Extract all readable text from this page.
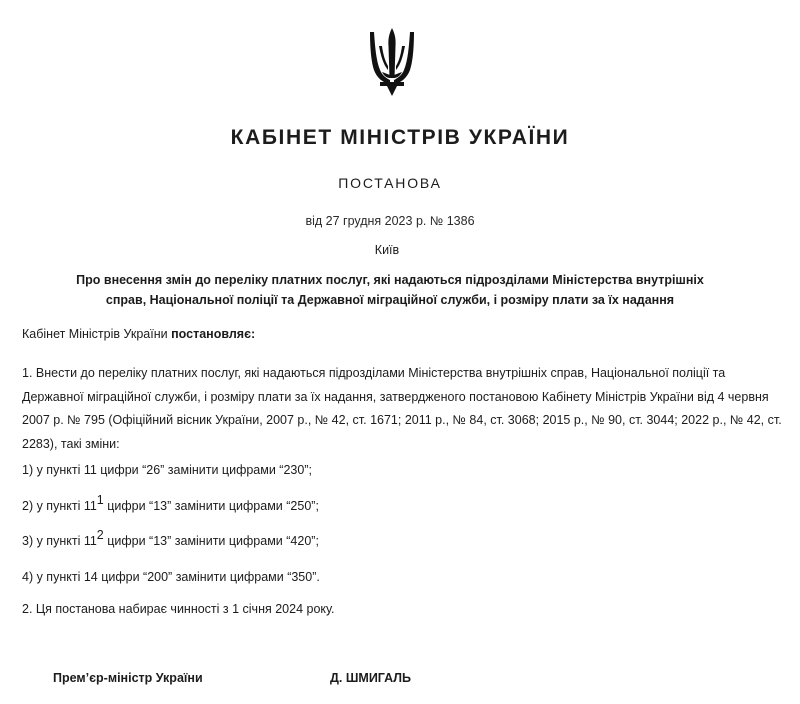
КАБІНЕТ МІНІСТРІВ УКРАЇНИ
ПОСТАНОВА
від 27 грудня 2023 р. № 1386
Київ
Про внесення змін до переліку платних послуг, які надаються підрозділами Міністерства внутрішніх
справ, Національної поліції та Державної міграційної служби, і розміру плати за їх надання
Кабінет Міністрів України постановляє:

1. Внести до переліку платних послуг, які надаються підрозділами Міністерства внутрішніх справ, Національної поліції та Державної міграційної служби, і розміру плати за їх надання, затвердженого постановою Кабінету Міністрів України від 4 червня 2007 р. № 795 (Офіційний вісник України, 2007 р., № 42, ст. 1671; 2011 р., № 84, ст. 3068; 2015 р., № 90, ст. 3044; 2022 р., № 42, ст. 2283), такі зміни:

1) у пункті 11 цифри “26” замінити цифрами “230”;
2) у пункті 111 цифри “13” замінити цифрами “250”;
3) у пункті 112 цифри “13” замінити цифрами “420”;
4) у пункті 14 цифри “200” замінити цифрами “350”.
2. Ця постанова набирає чинності з 1 січня 2024 року.
Прем’єр-міністр України	Д. ШМИГАЛЬ
